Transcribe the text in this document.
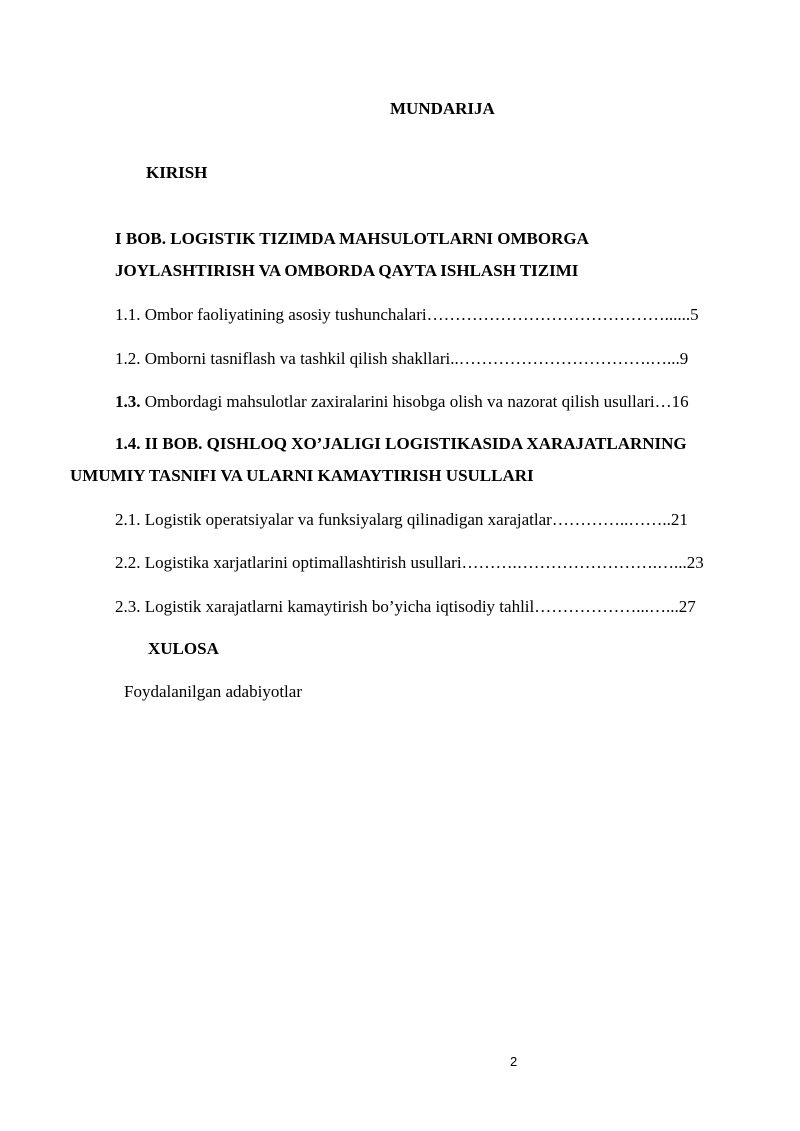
MUNDARIJA
KIRISH
I BOB. LOGISTIK TIZIMDA MAHSULOTLARNI OMBORGA
JOYLASHTIRISH VA OMBORDA QAYTA ISHLASH TIZIMI
1.1. Ombor faoliyatining asosiy tushunchalari……………………………………......5
1.2. Omborni tasniflash va tashkil qilish shakllari..…………………………….…...9
1.3. Ombordagi mahsulotlar zaxiralarini hisobga olish va nazorat qilish usullari…16
1.4. II BOB. QISHLOQ XO’JALIGI LOGISTIKASIDA XARAJATLARNING
UMUMIY TASNIFI VA ULARNI KAMAYTIRISH USULLARI
2.1. Logistik operatsiyalar va funksiyalarg qilinadigan xarajatlar…………..……..21
2.2. Logistika xarjatlarini optimallashtirish usullari……….…………………….…...23
2.3. Logistik xarajatlarni kamaytirish bo’yicha iqtisodiy tahlil………………...…...27
XULOSA
Foydalanilgan adabiyotlar
2
